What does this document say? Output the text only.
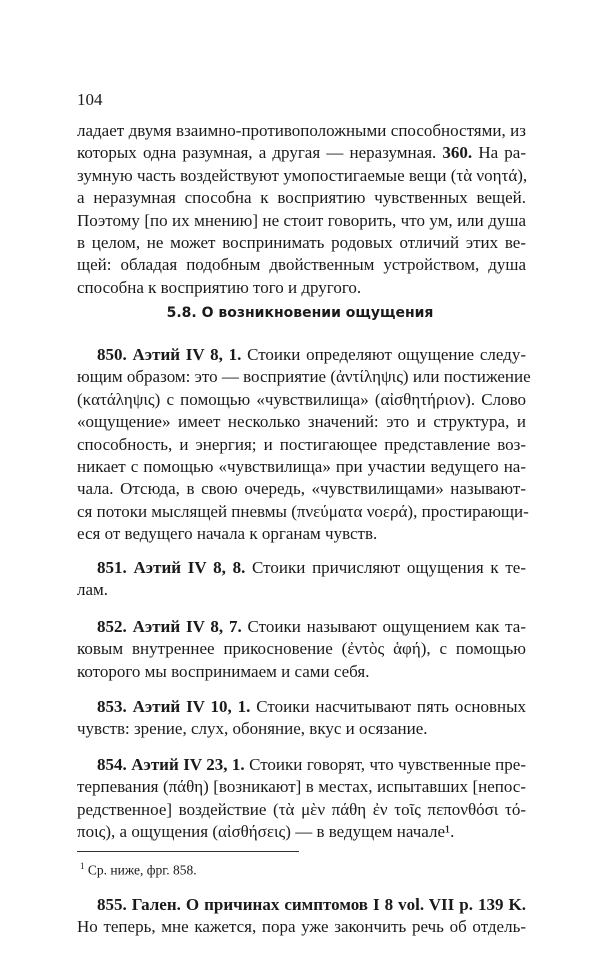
104
ладает двумя взаимно-противоположными способностями, из
которых одна разумная, а другая — неразумная. 360. На ра-
зумную часть воздействуют умопостигаемые вещи (τὰ νοητά),
а неразумная способна к восприятию чувственных вещей.
Поэтому [по их мнению] не стоит говорить, что ум, или душа
в целом, не может воспринимать родовых отличий этих ве-
щей: обладая подобным двойственным устройством, душа
способна к восприятию того и другого.
5.8. О возникновении ощущения
850. Аэтий IV 8, 1. Стоики определяют ощущение следу-
ющим образом: это — восприятие (ἀντίληψις) или постижение
(κατάληψις) с помощью «чувствилища» (αἰσθητήριον). Слово
«ощущение» имеет несколько значений: это и структура, и
способность, и энергия; и постигающее представление воз-
никает с помощью «чувствилища» при участии ведущего на-
чала. Отсюда, в свою очередь, «чувствилищами» называют-
ся потоки мыслящей пневмы (πνεύματα νοερά), простирающи-
еся от ведущего начала к органам чувств.
851. Аэтий IV 8, 8. Стоики причисляют ощущения к те-
лам.
852. Аэтий IV 8, 7. Стоики называют ощущением как та-
ковым внутреннее прикосновение (ἐντὸς ἁφή), с помощью
которого мы воспринимаем и сами себя.
853. Аэтий IV 10, 1. Стоики насчитывают пять основных
чувств: зрение, слух, обоняние, вкус и осязание.
854. Аэтий IV 23, 1. Стоики говорят, что чувственные пре-
терпевания (πάθη) [возникают] в местах, испытавших [непос-
редственное] воздействие (τὰ μὲν πάθη ἐν τοῖς πεπονθόσι τό-
ποις), а ощущения (αἰσθήσεις) — в ведущем начале¹.
$^1$ Ср. ниже, фрг. 858.
855. Гален. О причинах симптомов I 8 vol. VII p. 139 K.
Но теперь, мне кажется, пора уже закончить речь об отдель-
